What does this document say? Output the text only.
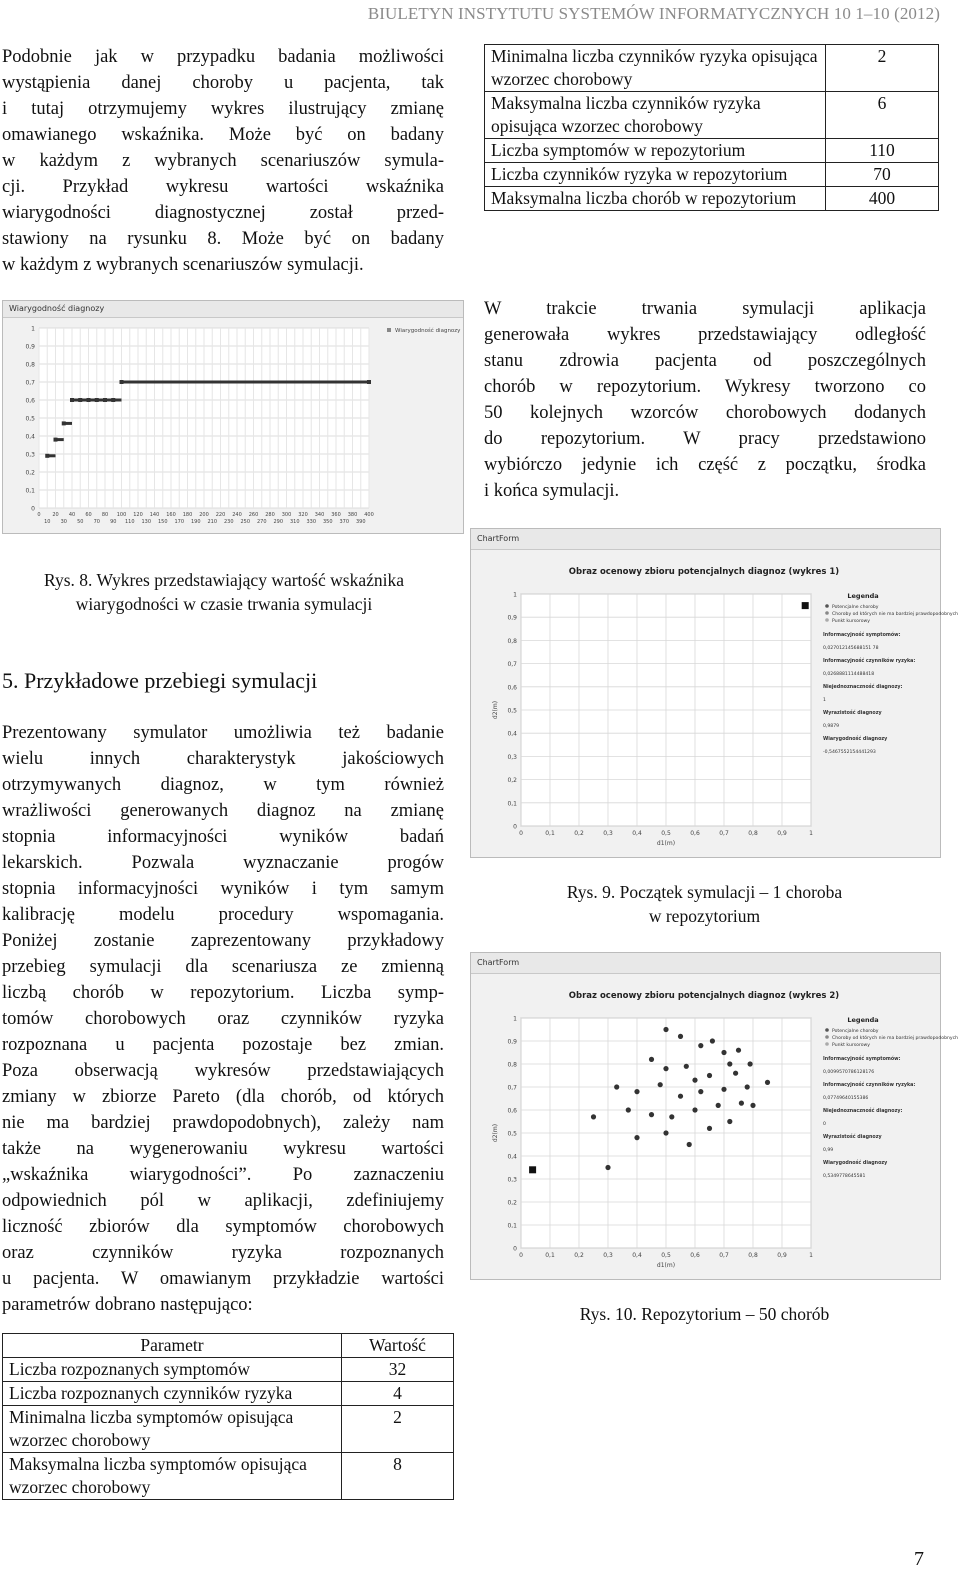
BIULETYN INSTYTUTU SYSTEMÓW INFORMATYCZNYCH 10 1–10 (2012)
Podobnie jak w przypadku badania możliwości
wystąpienia danej choroby u pacjenta, tak
i tutaj otrzymujemy wykres ilustrujący zmianę
omawianego wskaźnika. Może być on badany
w każdym z wybranych scenariuszów symula-
cji. Przykład wykresu wartości wskaźnika
wiarygodności diagnostycznej został przed-
stawiony na rysunku 8. Może być on badany
w każdym z wybranych scenariuszów symulacji.
Minimalna liczba czynników ryzyka opisująca wzorzec chorobowy	2
Maksymalna liczba czynników ryzyka opisująca wzorzec chorobowy	6
Liczba symptomów w repozytorium	110
Liczba czynników ryzyka w repozytorium	70
Maksymalna liczba chorób w repozytorium	400
W trakcie trwania symulacji aplikacja
generowała wykres przedstawiający odległość
stanu zdrowia pacjenta od poszczególnych
chorób w repozytorium. Wykresy tworzono co
50 kolejnych wzorców chorobowych dodanych
do repozytorium. W pracy przedstawiono
wybiórczo jedynie ich część z początku, środka
i końca symulacji.
Wiarygodność diagnozy
0
0,1
0,2
0,3
0,4
0,5
0,6
0,7
0,8
0,9
1
0 20 40 60 80 100 120 140 160 180 200 220 240 260 280 300 320 340 360 380 400
10 30 50 70 90 110 130 150 170 190 210 230 250 270 290 310 330 350 370 390
Wiarygodność diagnozy
Rys. 8. Wykres przedstawiający wartość wskaźnika
wiarygodności w czasie trwania symulacji
5. Przykładowe przebiegi symulacji
Prezentowany symulator umożliwia też badanie
wielu innych charakterystyk jakościowych
otrzymywanych diagnoz, w tym również
wrażliwości generowanych diagnoz na zmianę
stopnia informacyjności wyników badań
lekarskich. Pozwala wyznaczanie progów
stopnia informacyjności wyników i tym samym
kalibrację modelu procedury wspomagania.
Poniżej zostanie zaprezentowany przykładowy
przebieg symulacji dla scenariusza ze zmienną
liczbą chorób w repozytorium. Liczba symp-
tomów chorobowych oraz czynników ryzyka
rozpoznana u pacjenta pozostaje bez zmian.
Poza obserwacją wykresów przedstawiających
zmiany w zbiorze Pareto (dla chorób, od których
nie ma bardziej prawdopodobnych), zależy nam
także na wygenerowaniu wykresu wartości
„wskaźnika wiarygodności”. Po zaznaczeniu
odpowiednich pól w aplikacji, zdefiniujemy
liczność zbiorów dla symptomów chorobowych
oraz czynników ryzyka rozpoznanych
u pacjenta. W omawianym przykładzie wartości
parametrów dobrano następująco:
Parametr	Wartość
Liczba rozpoznanych symptomów	32
Liczba rozpoznanych czynników ryzyka	4
Minimalna liczba symptomów opisująca wzorzec chorobowy	2
Maksymalna liczba symptomów opisująca wzorzec chorobowy	8
ChartForm
Obraz ocenowy zbioru potencjalnych diagnoz (wykres 1)
0
0
0,1
0,1
0,2
0,2
0,3
0,3
0,4
0,4
0,5
0,5
0,6
0,6
0,7
0,7
0,8
0,8
0,9
0,9
1
1
d1(m)
d2(m)
Legenda
Potencjalne choroby
Choroby od których nie ma bardziej prawdopodobnych
Punkt kursorowy
Informacyjność symptomów:
0,027012145688151 78
Informacyjność czynników ryzyka:
0,0268881114488418
Niejednoznaczność diagnozy:
1
Wyrazistość diagnozy
0,9879
Wiarygodność diagnozy
-0,5467552154441293
Rys. 9. Początek symulacji – 1 choroba
w repozytorium
ChartForm
Obraz ocenowy zbioru potencjalnych diagnoz (wykres 2)
0
0
0,1
0,1
0,2
0,2
0,3
0,3
0,4
0,4
0,5
0,5
0,6
0,6
0,7
0,7
0,8
0,8
0,9
0,9
1
1
d1(m)
d2(m)
Legenda
Potencjalne choroby
Choroby od których nie ma bardziej prawdopodobnych
Punkt kursorowy
Informacyjność symptomów:
0,0099570786128176
Informacyjność czynników ryzyka:
0,07749640155386
Niejednoznaczność diagnozy:
0
Wyrazistość diagnozy
0,99
Wiarygodność diagnozy
0,5349778645581
Rys. 10. Repozytorium – 50 chorób
7
